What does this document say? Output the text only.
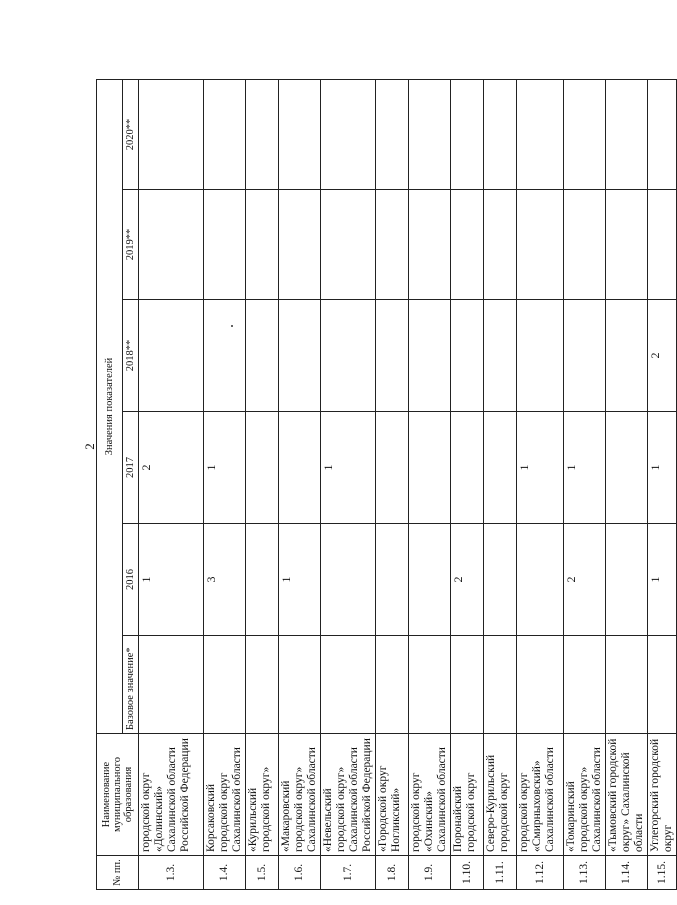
2
№ пп.	Наименование муниципального образования	Значения показателей					
		Базовое значение*	2016	2017	2018**	2019**	2020**
1.3.	городской округ «Долинский» Сахалинской области Российской Федерации		1	2			
1.4.	Корсаковский городской округ Сахалинской области		3	1			
1.5.	«Курильский городской округ»						
1.6.	«Макаровский городской округ» Сахалинской области		1				
1.7.	«Невельский городской округ» Сахалинской области Российской Федерации			1			
1.8.	«Городской округ Ногликский»						
1.9.	городской округ «Охинский» Сахалинской области						
1.10.	Поронайский городской округ		2				
1.11.	Северо-Курильский городской округ						
1.12.	городской округ «Смирныховский» Сахалинской области			1			
1.13.	«Томаринский городской округ» Сахалинской области		2	1			
1.14.	«Тымовский городской округ» Сахалинской области						
1.15.	Углегорский городской округ		1	1	2		
